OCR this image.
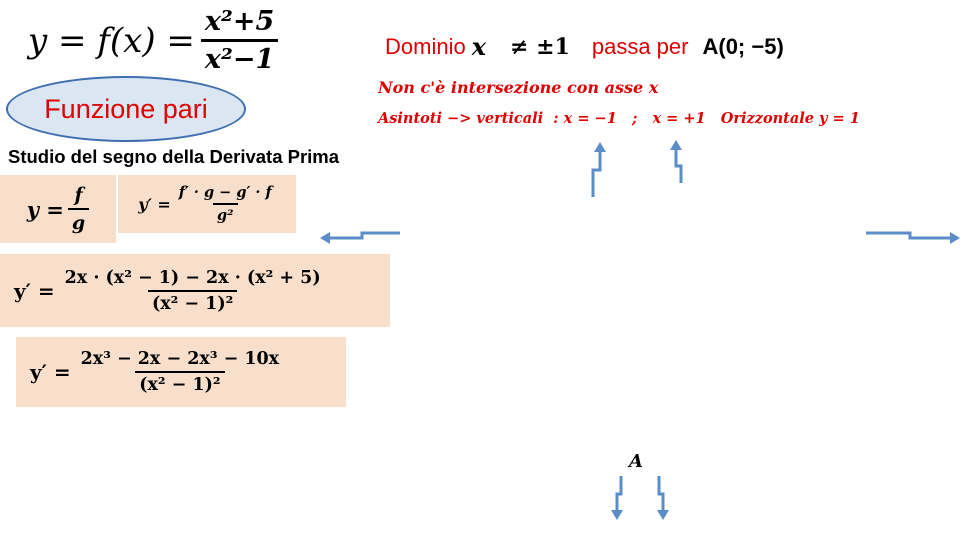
$y = f(x) = \frac{\text{x²+5}}{\text{x²−1}}$
Funzione pari
Dominio x ≠ ±1 passa per A(0; −5)
Non c'è intersezione con asse x
Asintoti −> verticali  : x = −1   ;   x = +1   Orizzontale y = 1
Studio del segno della Derivata Prima
$y = \frac{f}{g}$	$y' = \frac{f' \cdot g - g' \cdot f}{\text{g²}}$
$y' = \frac{\text{2x · (x² − 1) − 2x · (x² + 5)}}{\text{(x² − 1)²}}$
$y' = \frac{\text{2x³ − 2x − 2x³ − 10x}}{\text{(x² − 1)²}}$
A
